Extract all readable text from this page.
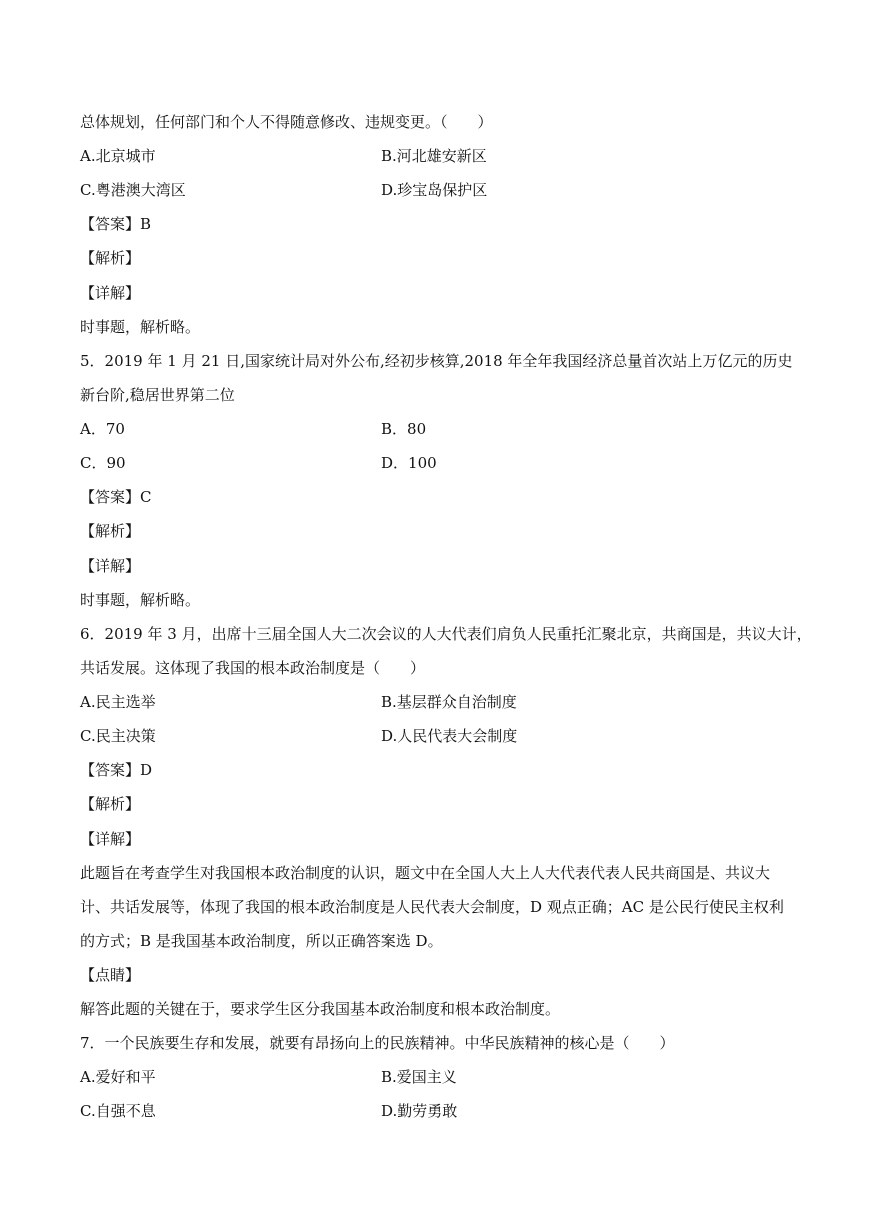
总体规划，任何部门和个人不得随意修改、违规变更。（　　）
A.北京城市	B.河北雄安新区
C.粤港澳大湾区	D.珍宝岛保护区
【答案】B
【解析】
【详解】
时事题，解析略。
5．2019 年 1 月 21 日,国家统计局对外公布,经初步核算,2018 年全年我国经济总量首次站上万亿元的历史
新台阶,稳居世界第二位
A．70	B．80
C．90	D．100
【答案】C
【解析】
【详解】
时事题，解析略。
6．2019 年 3 月，出席十三届全国人大二次会议的人大代表们肩负人民重托汇聚北京，共商国是，共议大计，
共话发展。这体现了我国的根本政治制度是（　　）
A.民主选举	B.基层群众自治制度
C.民主决策	D.人民代表大会制度
【答案】D
【解析】
【详解】
此题旨在考查学生对我国根本政治制度的认识，题文中在全国人大上人大代表代表人民共商国是、共议大
计、共话发展等，体现了我国的根本政治制度是人民代表大会制度，D 观点正确；AC 是公民行使民主权利
的方式；B 是我国基本政治制度，所以正确答案选 D。
【点睛】
解答此题的关键在于，要求学生区分我国基本政治制度和根本政治制度。
7．一个民族要生存和发展，就要有昂扬向上的民族精神。中华民族精神的核心是（　　）
A.爱好和平	B.爱国主义
C.自强不息	D.勤劳勇敢
